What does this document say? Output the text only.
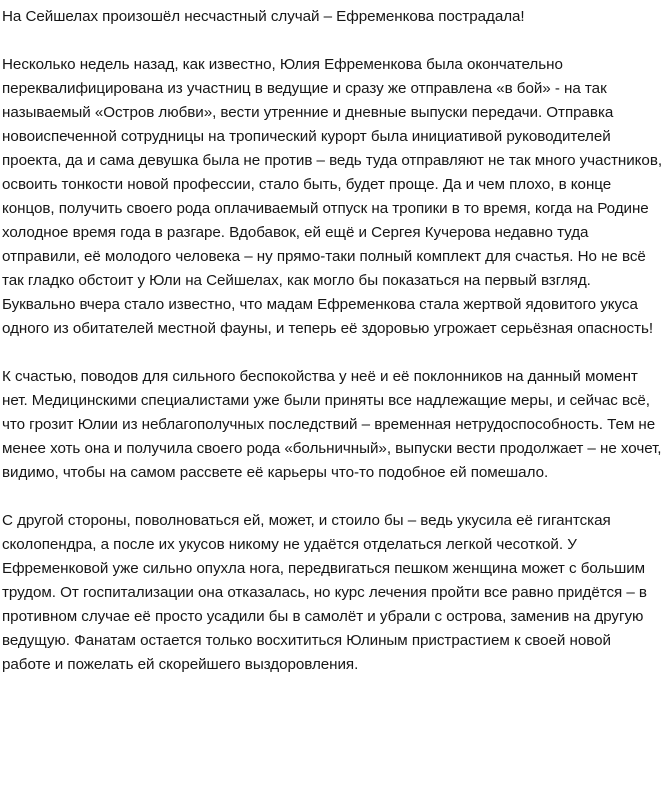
На Сейшелах произошёл несчастный случай – Ефременкова пострадала!

Несколько недель назад, как известно, Юлия Ефременкова была окончательно переквалифицирована из участниц в ведущие и сразу же отправлена «в бой» - на так называемый «Остров любви», вести утренние и дневные выпуски передачи. Отправка новоиспеченной сотрудницы на тропический курорт была инициативой руководителей проекта, да и сама девушка была не против – ведь туда отправляют не так много участников, освоить тонкости новой профессии, стало быть, будет проще. Да и чем плохо, в конце концов, получить своего рода оплачиваемый отпуск на тропики в то время, когда на Родине холодное время года в разгаре. Вдобавок, ей ещё и Сергея Кучерова недавно туда отправили, её молодого человека – ну прямо-таки полный комплект для счастья. Но не всё так гладко обстоит у Юли на Сейшелах, как могло бы показаться на первый взгляд. Буквально вчера стало известно, что мадам Ефременкова стала жертвой ядовитого укуса одного из обитателей местной фауны, и теперь её здоровью угрожает серьёзная опасность!

К счастью, поводов для сильного беспокойства у неё и её поклонников на данный момент нет. Медицинскими специалистами уже были приняты все надлежащие меры, и сейчас всё, что грозит Юлии из неблагополучных последствий – временная нетрудоспособность. Тем не менее хоть она и получила своего рода «больничный», выпуски вести продолжает – не хочет, видимо, чтобы на самом рассвете её карьеры что-то подобное ей помешало.

С другой стороны, поволноваться ей, может, и стоило бы – ведь укусила её гигантская сколопендра, а после их укусов никому не удаётся отделаться легкой чесоткой. У Ефременковой уже сильно опухла нога, передвигаться пешком женщина может с большим трудом. От госпитализации она отказалась, но курс лечения пройти все равно придётся – в противном случае её просто усадили бы в самолёт и убрали с острова, заменив на другую ведущую. Фанатам остается только восхититься Юлиным пристрастием к своей новой работе и пожелать ей скорейшего выздоровления.
